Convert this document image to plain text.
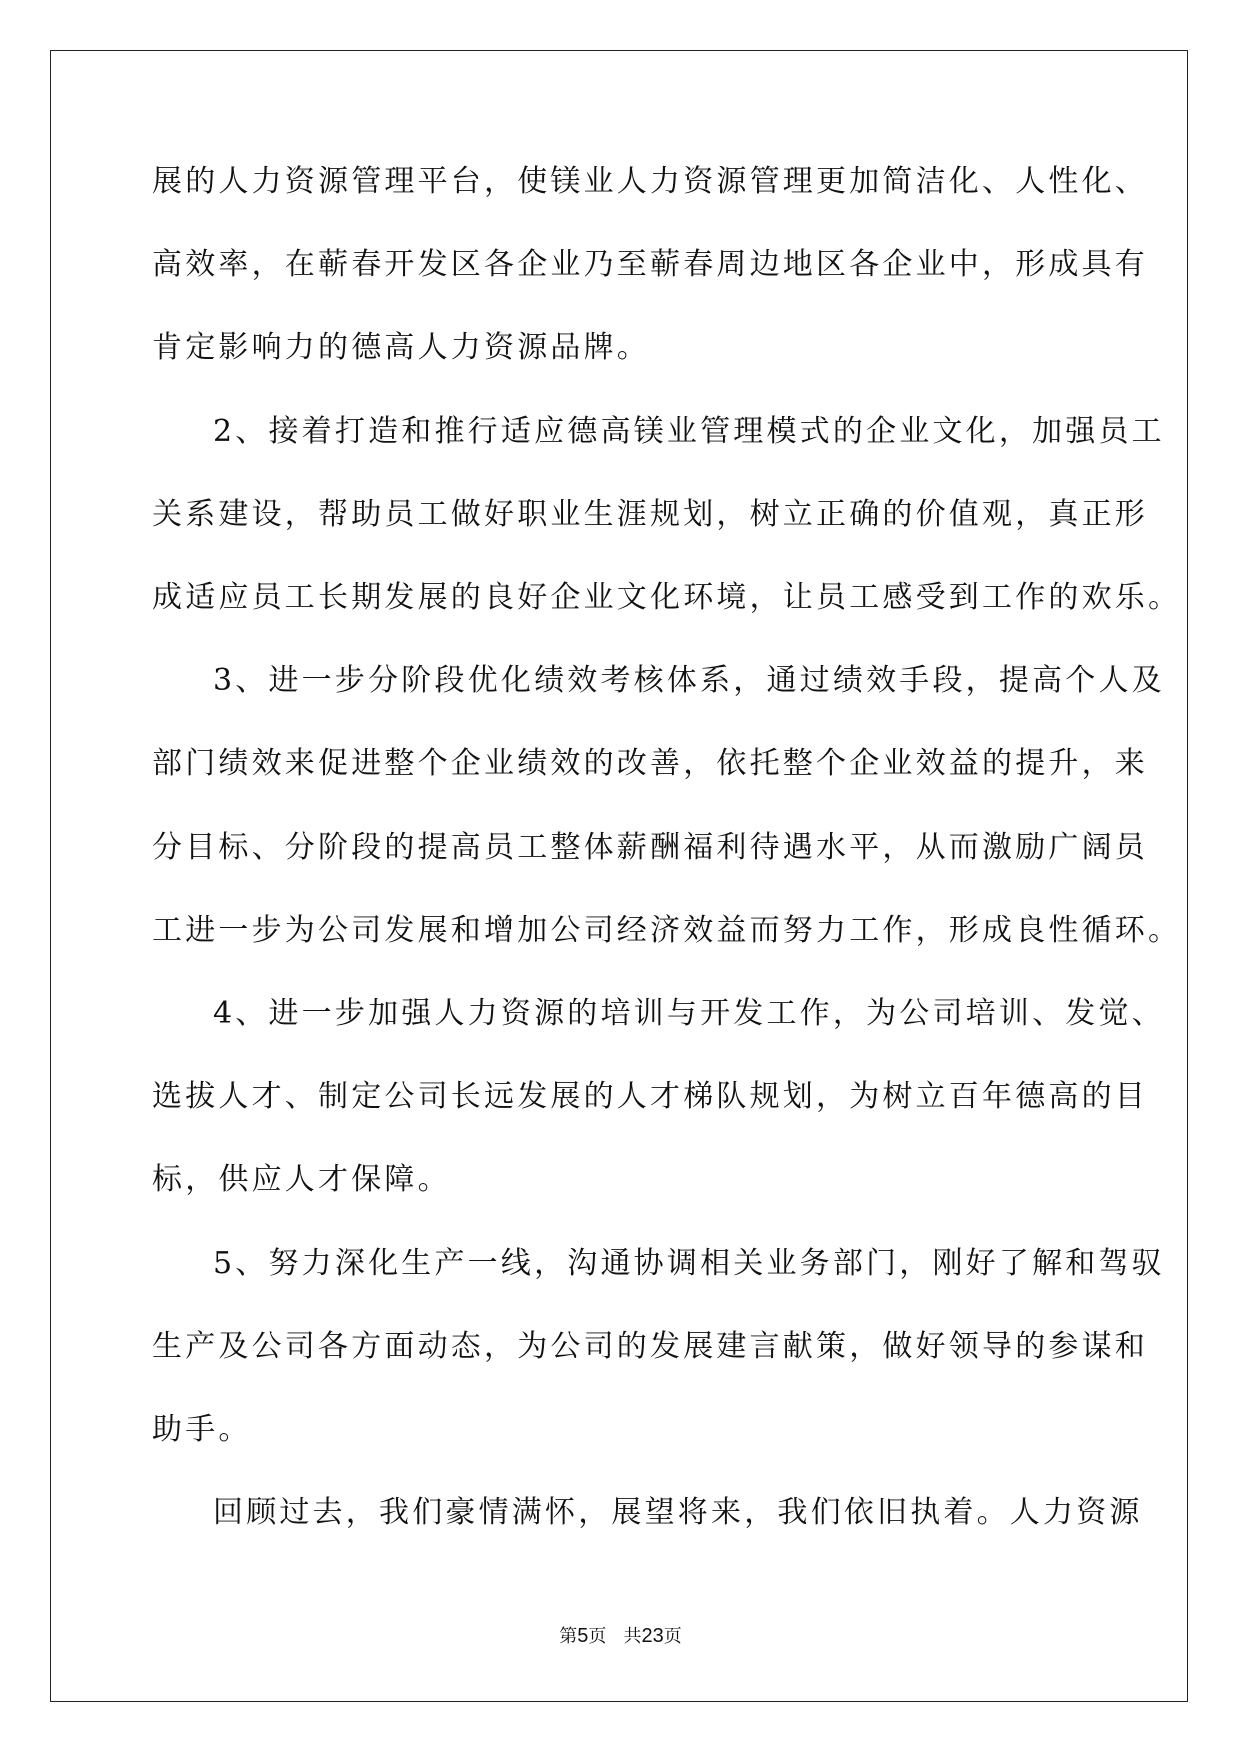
展的人力资源管理平台，使镁业人力资源管理更加简洁化、人性化、
高效率，在蕲春开发区各企业乃至蕲春周边地区各企业中，形成具有
肯定影响力的德高人力资源品牌。
2、接着打造和推行适应德高镁业管理模式的企业文化，加强员工
关系建设，帮助员工做好职业生涯规划，树立正确的价值观，真正形
成适应员工长期发展的良好企业文化环境，让员工感受到工作的欢乐。
3、进一步分阶段优化绩效考核体系，通过绩效手段，提高个人及
部门绩效来促进整个企业绩效的改善，依托整个企业效益的提升，来
分目标、分阶段的提高员工整体薪酬福利待遇水平，从而激励广阔员
工进一步为公司发展和增加公司经济效益而努力工作，形成良性循环。
4、进一步加强人力资源的培训与开发工作，为公司培训、发觉、
选拔人才、制定公司长远发展的人才梯队规划，为树立百年德高的目
标，供应人才保障。
5、努力深化生产一线，沟通协调相关业务部门，刚好了解和驾驭
生产及公司各方面动态，为公司的发展建言献策，做好领导的参谋和
助手。
回顾过去，我们豪情满怀，展望将来，我们依旧执着。人力资源
第5页 共23页
